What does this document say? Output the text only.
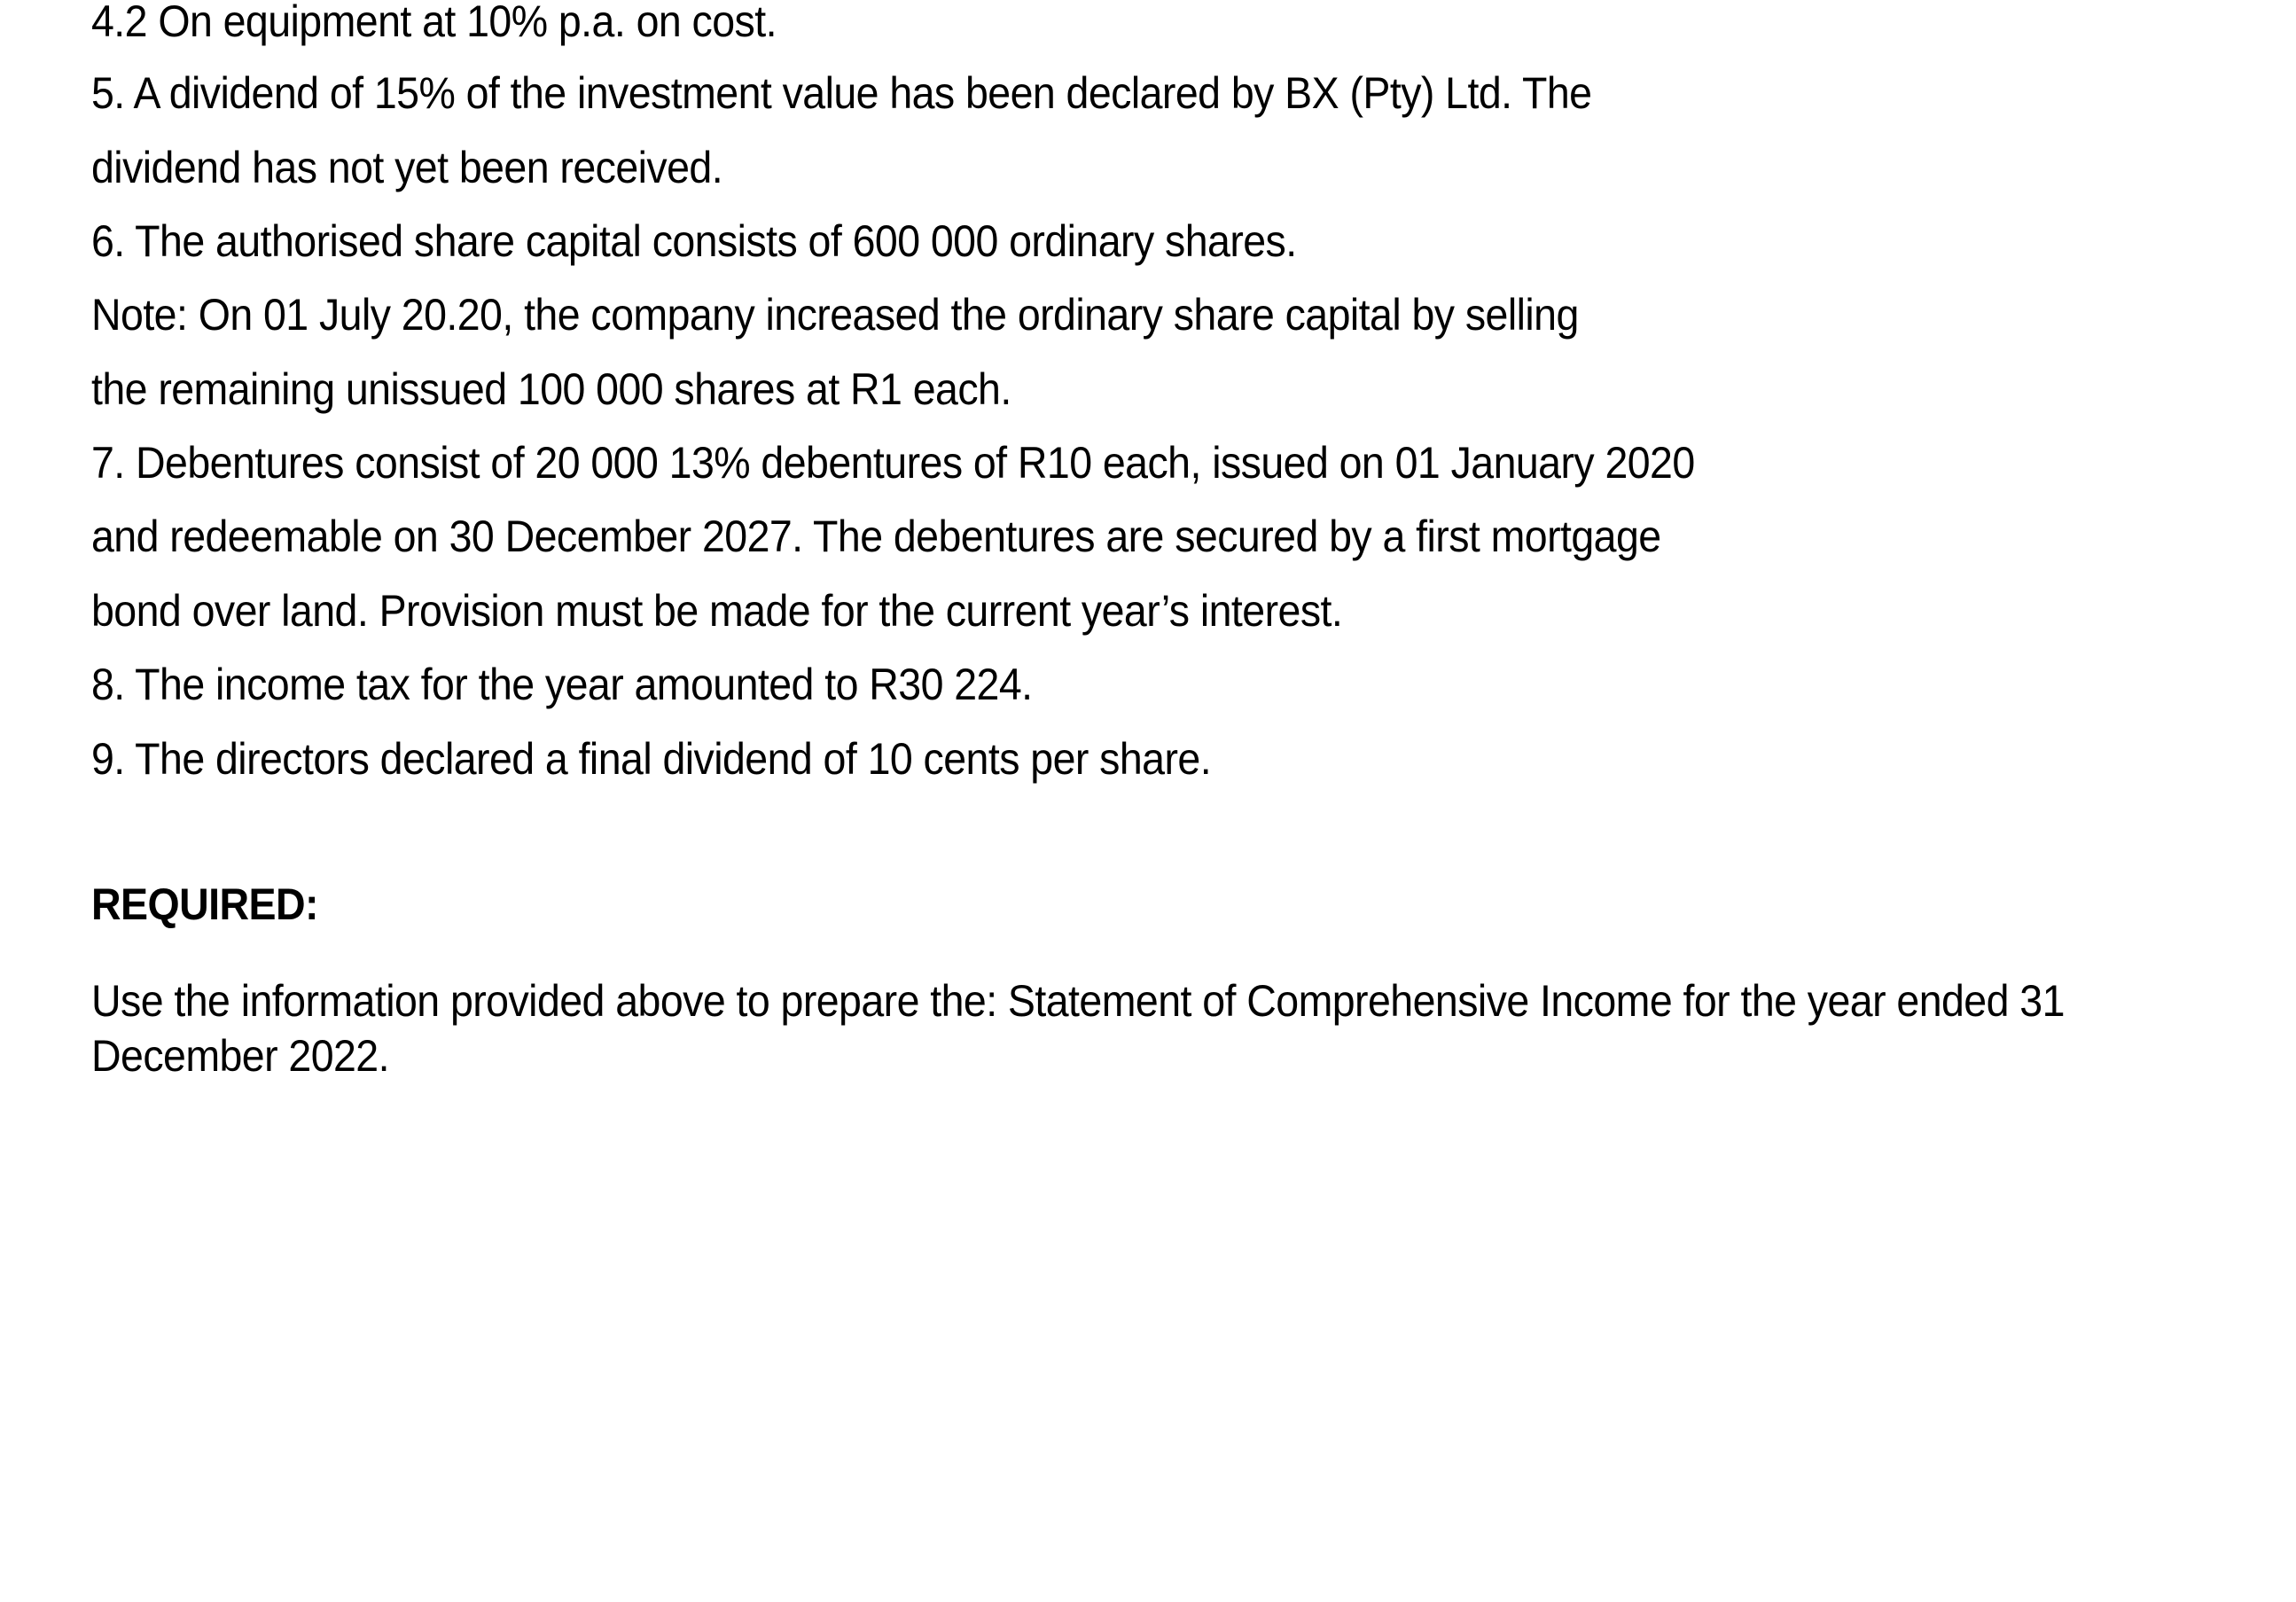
4.2 On equipment at 10% p.a. on cost.

5. A dividend of 15% of the investment value has been declared by BX (Pty) Ltd. The

dividend has not yet been received.

6. The authorised share capital consists of 600 000 ordinary shares.

Note: On 01 July 20.20, the company increased the ordinary share capital by selling

the remaining unissued 100 000 shares at R1 each.

7. Debentures consist of 20 000 13% debentures of R10 each, issued on 01 January 2020

and redeemable on 30 December 2027. The debentures are secured by a first mortgage

bond over land. Provision must be made for the current year’s interest.

8. The income tax for the year amounted to R30 224.

9. The directors declared a final dividend of 10 cents per share.

REQUIRED:
Use the information provided above to prepare the: Statement of Comprehensive Income for the year ended 31
December 2022.
